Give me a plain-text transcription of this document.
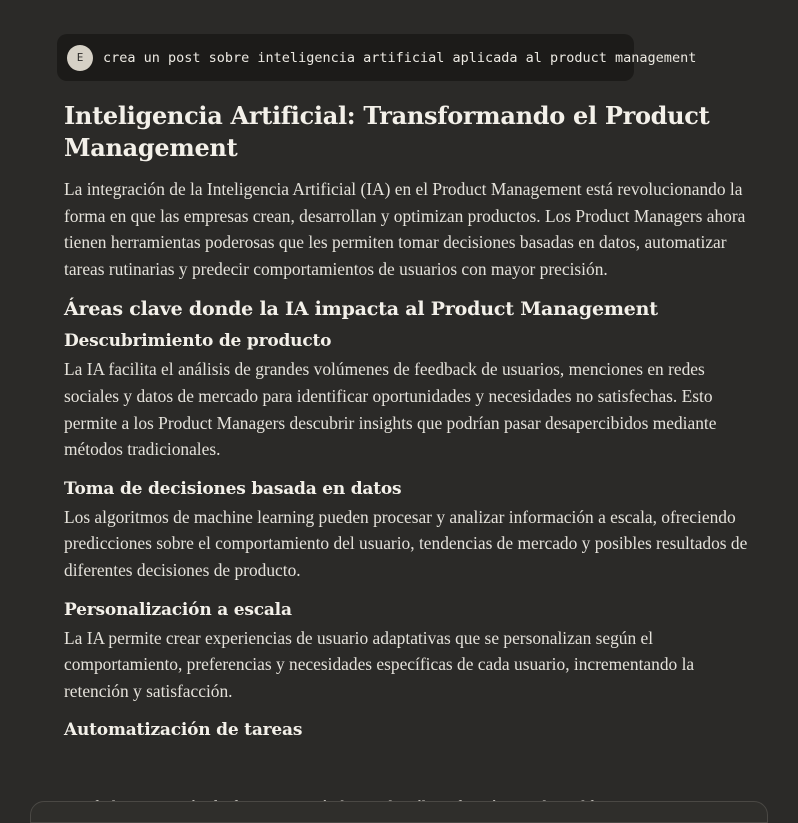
E	crea un post sobre inteligencia artificial aplicada al product management
Inteligencia Artificial: Transformando el Product Management

La integración de la Inteligencia Artificial (IA) en el Product Management está revolucionando la forma en que las empresas crean, desarrollan y optimizan productos. Los Product Managers ahora tienen herramientas poderosas que les permiten tomar decisiones basadas en datos, automatizar tareas rutinarias y predecir comportamientos de usuarios con mayor precisión.

Áreas clave donde la IA impacta al Product Management
Descubrimiento de producto

La IA facilita el análisis de grandes volúmenes de feedback de usuarios, menciones en redes sociales y datos de mercado para identificar oportunidades y necesidades no satisfechas. Esto permite a los Product Managers descubrir insights que podrían pasar desapercibidos mediante métodos tradicionales.

Toma de decisiones basada en datos

Los algoritmos de machine learning pueden procesar y analizar información a escala, ofreciendo predicciones sobre el comportamiento del usuario, tendencias de mercado y posibles resultados de diferentes decisiones de producto.

Personalización a escala

La IA permite crear experiencias de usuario adaptativas que se personalizan según el comportamiento, preferencias y necesidades específicas de cada usuario, incrementando la retención y satisfacción.

Automatización de tareas
